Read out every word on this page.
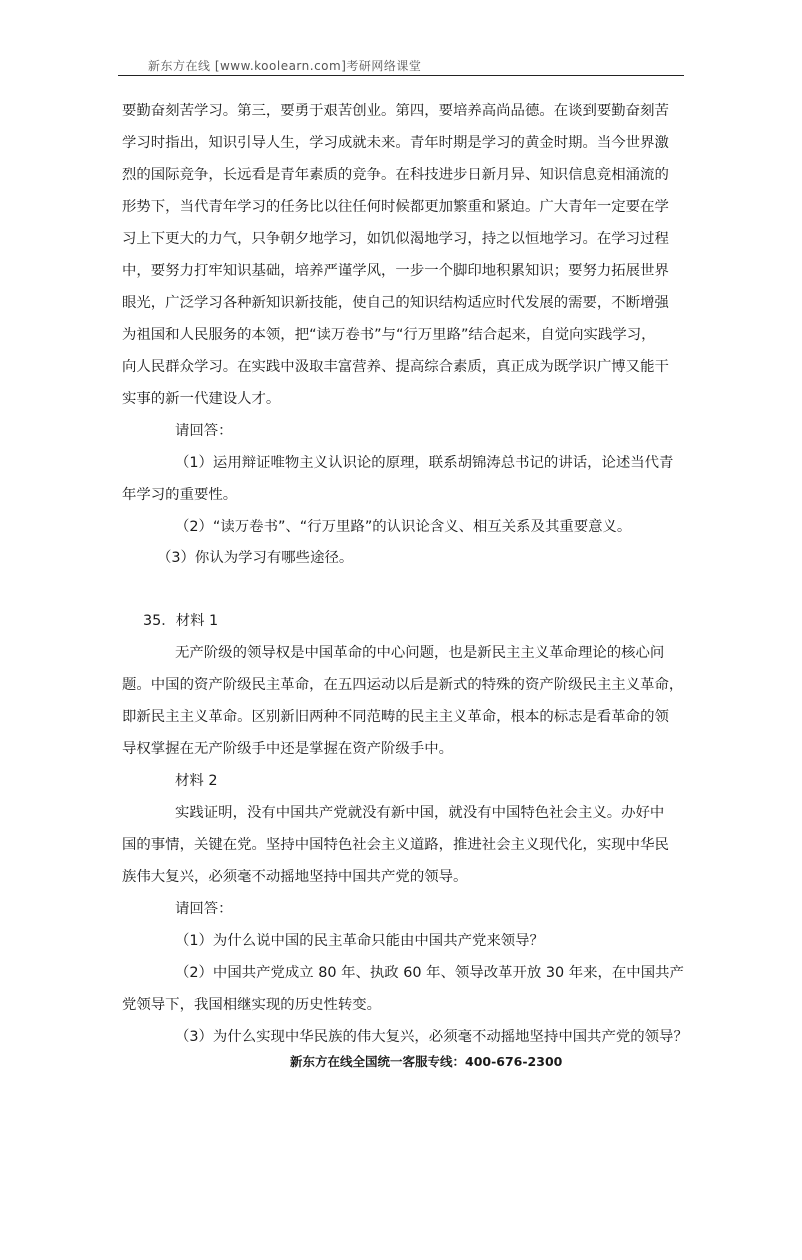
新东方在线 [www.koolearn.com]考研网络课堂

要勤奋刻苦学习。第三，要勇于艰苦创业。第四，要培养高尚品德。在谈到要勤奋刻苦

学习时指出，知识引导人生，学习成就未来。青年时期是学习的黄金时期。当今世界激

烈的国际竞争，长远看是青年素质的竞争。在科技进步日新月异、知识信息竞相涌流的

形势下，当代青年学习的任务比以往任何时候都更加繁重和紧迫。广大青年一定要在学

习上下更大的力气，只争朝夕地学习，如饥似渴地学习，持之以恒地学习。在学习过程

中，要努力打牢知识基础，培养严谨学风，一步一个脚印地积累知识；要努力拓展世界

眼光，广泛学习各种新知识新技能，使自己的知识结构适应时代发展的需要，不断增强

为祖国和人民服务的本领，把“读万卷书”与“行万里路”结合起来，自觉向实践学习，

向人民群众学习。在实践中汲取丰富营养、提高综合素质，真正成为既学识广博又能干

实事的新一代建设人才。

请回答：

（1）运用辩证唯物主义认识论的原理，联系胡锦涛总书记的讲话，论述当代青

年学习的重要性。

（2）“读万卷书”、“行万里路”的认识论含义、相互关系及其重要意义。

（3）你认为学习有哪些途径。

35．材料 1

无产阶级的领导权是中国革命的中心问题，也是新民主主义革命理论的核心问

题。中国的资产阶级民主革命，在五四运动以后是新式的特殊的资产阶级民主主义革命，

即新民主主义革命。区别新旧两种不同范畴的民主主义革命，根本的标志是看革命的领

导权掌握在无产阶级手中还是掌握在资产阶级手中。

材料 2

实践证明，没有中国共产党就没有新中国，就没有中国特色社会主义。办好中

国的事情，关键在党。坚持中国特色社会主义道路，推进社会主义现代化，实现中华民

族伟大复兴，必须毫不动摇地坚持中国共产党的领导。

请回答：

（1）为什么说中国的民主革命只能由中国共产党来领导？

（2）中国共产党成立 80 年、执政 60 年、领导改革开放 30 年来，在中国共产

党领导下，我国相继实现的历史性转变。

（3）为什么实现中华民族的伟大复兴，必须毫不动摇地坚持中国共产党的领导？

新东方在线全国统一客服专线：400-676-2300
